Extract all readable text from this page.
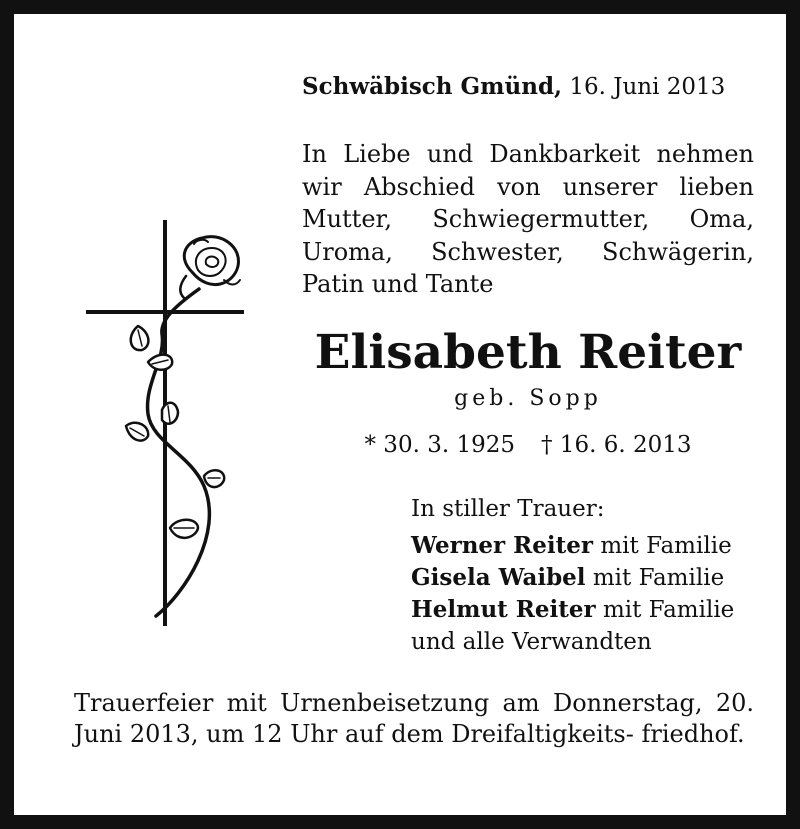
Schwäbisch Gmünd, 16. Juni 2013
In Liebe und Dankbarkeit nehmen wir Abschied von unserer lieben Mutter, Schwiegermutter, Oma, Uroma, Schwester, Schwägerin, Patin und Tante
Elisabeth Reiter
geb. Sopp
* 30. 3. 1925 † 16. 6. 2013
In stiller Trauer:
Werner Reiter mit Familie
Gisela Waibel mit Familie
Helmut Reiter mit Familie
und alle Verwandten
Trauerfeier mit Urnenbeisetzung am Donnerstag, 20. Juni 2013, um 12 Uhr auf dem Dreifaltigkeits- friedhof.
